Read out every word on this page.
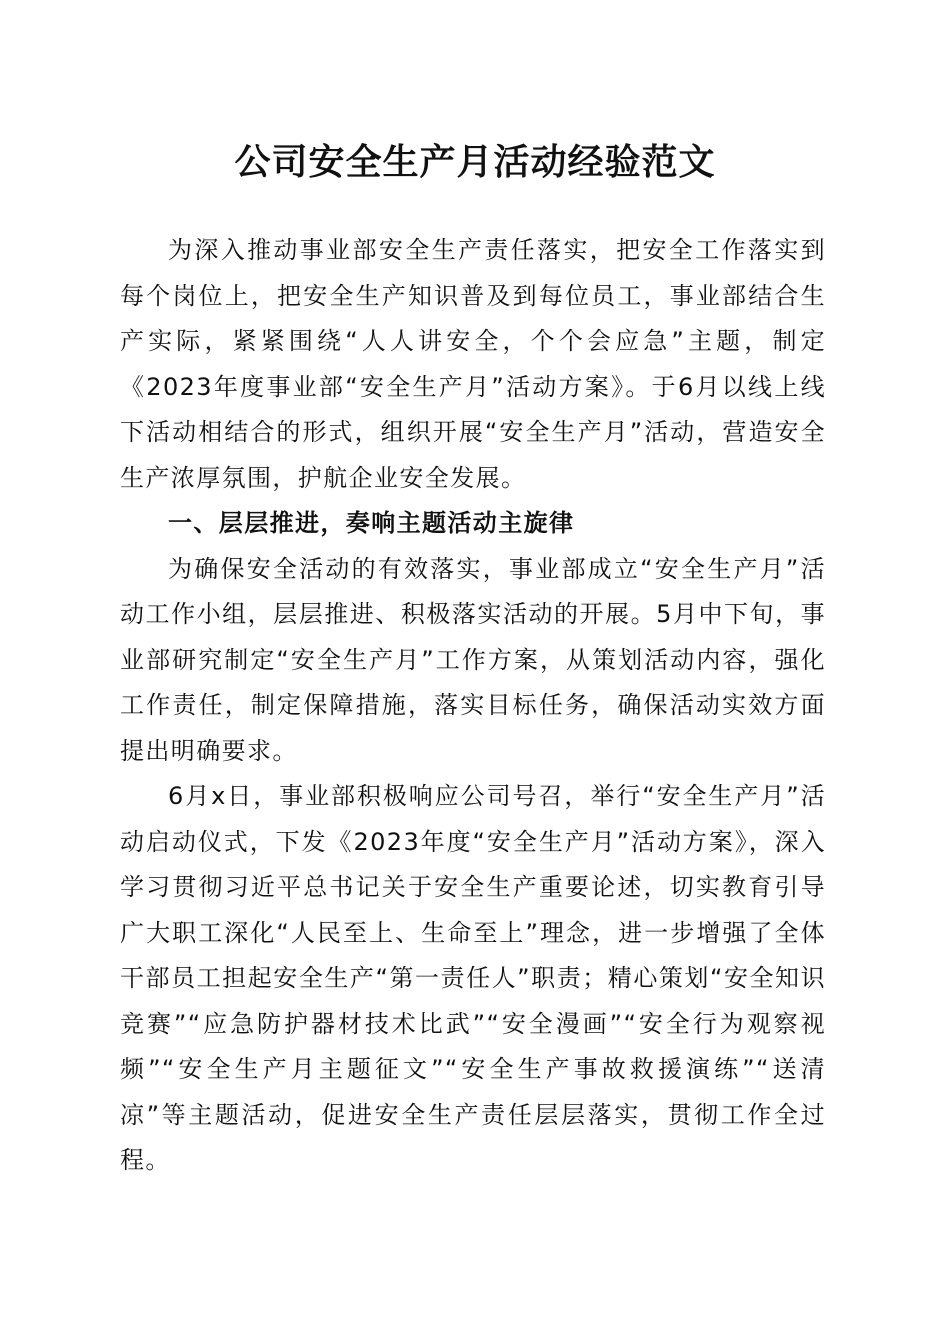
公司安全生产月活动经验范文

为深入推动事业部安全生产责任落实，把安全工作落实到每个岗位上，把安全生产知识普及到每位员工，事业部结合生产实际，紧紧围绕“人人讲安全，个个会应急”主题，制定《2023年度事业部“安全生产月”活动方案》。于6月以线上线下活动相结合的形式，组织开展“安全生产月”活动，营造安全生产浓厚氛围，护航企业安全发展。

一、层层推进，奏响主题活动主旋律

为确保安全活动的有效落实，事业部成立“安全生产月”活动工作小组，层层推进、积极落实活动的开展。5月中下旬，事业部研究制定“安全生产月”工作方案，从策划活动内容，强化工作责任，制定保障措施，落实目标任务，确保活动实效方面提出明确要求。

6月x日，事业部积极响应公司号召，举行“安全生产月”活动启动仪式，下发《2023年度“安全生产月”活动方案》，深入学习贯彻习近平总书记关于安全生产重要论述，切实教育引导广大职工深化“人民至上、生命至上”理念，进一步增强了全体干部员工担起安全生产“第一责任人”职责；精心策划“安全知识竞赛”“应急防护器材技术比武”“安全漫画”“安全行为观察视频”“安全生产月主题征文”“安全生产事故救援演练”“送清凉”等主题活动，促进安全生产责任层层落实，贯彻工作全过程。
